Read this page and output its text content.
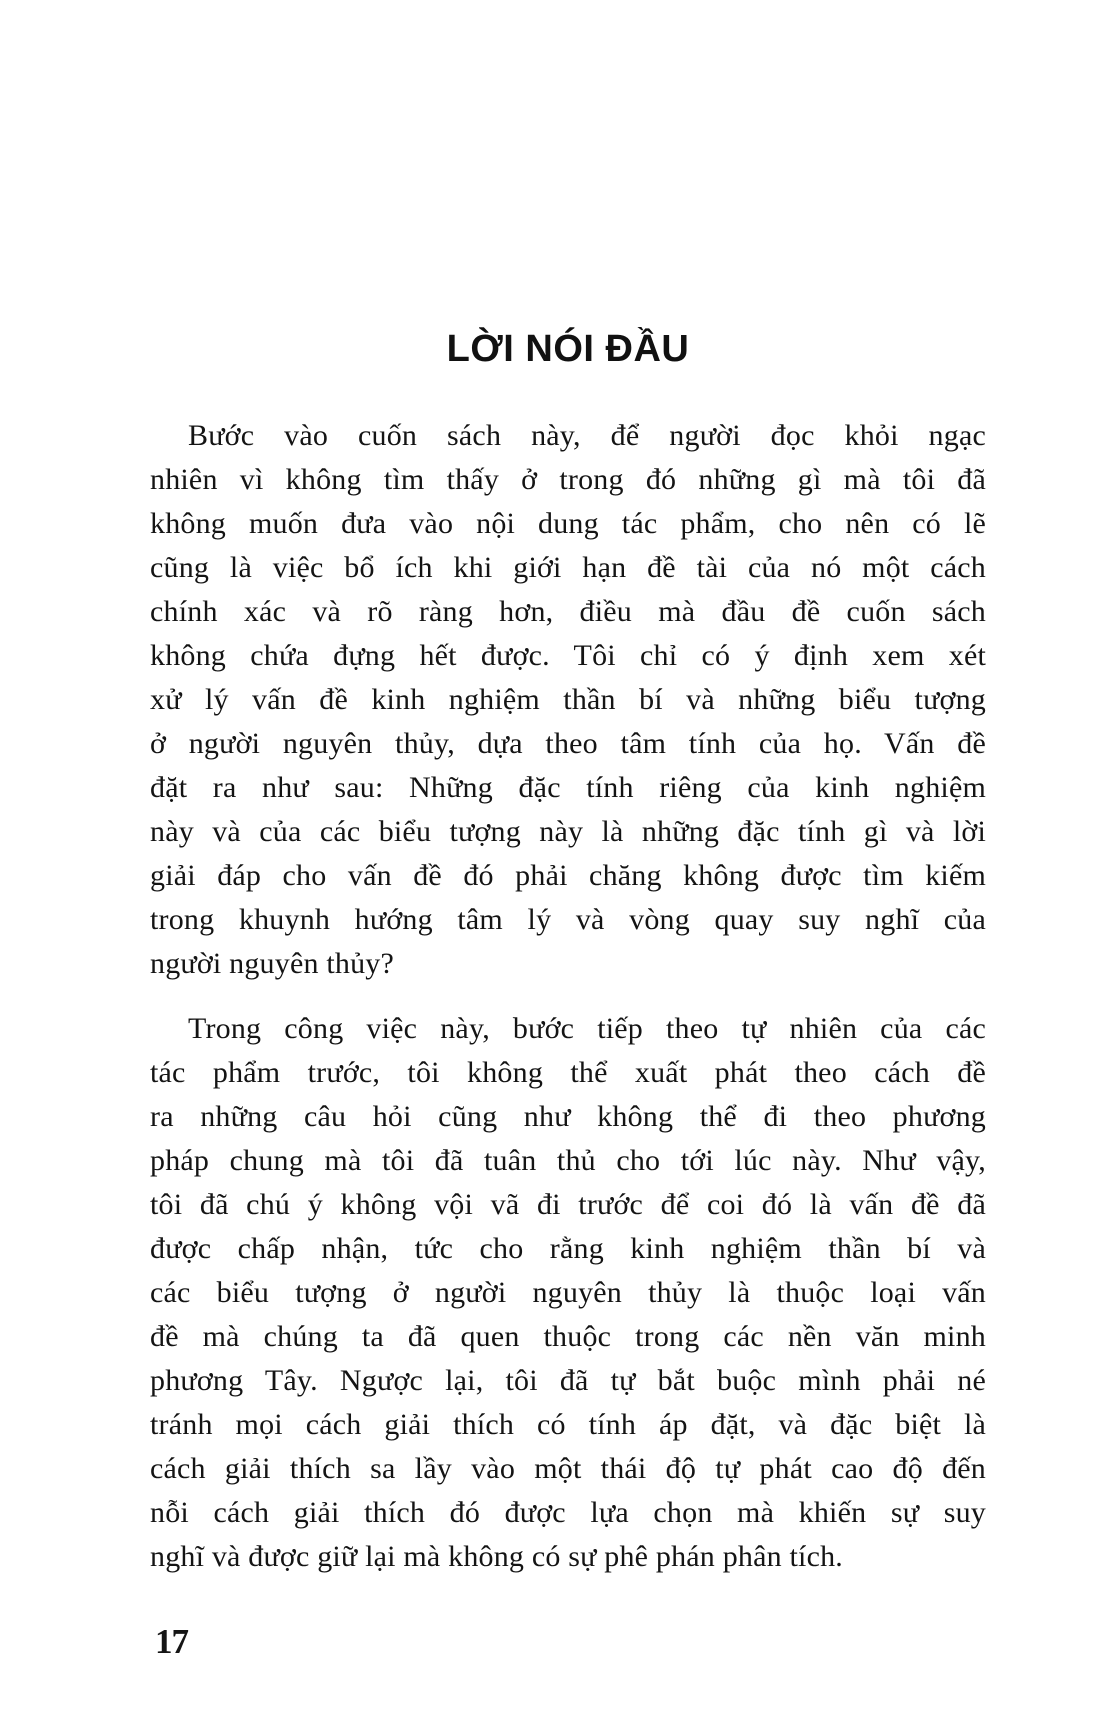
LỜI NÓI ĐẦU
Bước vào cuốn sách này, để người đọc khỏi ngạc
nhiên vì không tìm thấy ở trong đó những gì mà tôi đã
không muốn đưa vào nội dung tác phẩm, cho nên có lẽ
cũng là việc bổ ích khi giới hạn đề tài của nó một cách
chính xác và rõ ràng hơn, điều mà đầu đề cuốn sách
không chứa đựng hết được. Tôi chỉ có ý định xem xét
xử lý vấn đề kinh nghiệm thần bí và những biểu tượng
ở người nguyên thủy, dựa theo tâm tính của họ. Vấn đề
đặt ra như sau: Những đặc tính riêng của kinh nghiệm
này và của các biểu tượng này là những đặc tính gì và lời
giải đáp cho vấn đề đó phải chăng không được tìm kiếm
trong khuynh hướng tâm lý và vòng quay suy nghĩ của
người nguyên thủy?
Trong công việc này, bước tiếp theo tự nhiên của các
tác phẩm trước, tôi không thể xuất phát theo cách đề
ra những câu hỏi cũng như không thể đi theo phương
pháp chung mà tôi đã tuân thủ cho tới lúc này. Như vậy,
tôi đã chú ý không vội vã đi trước để coi đó là vấn đề đã
được chấp nhận, tức cho rằng kinh nghiệm thần bí và
các biểu tượng ở người nguyên thủy là thuộc loại vấn
đề mà chúng ta đã quen thuộc trong các nền văn minh
phương Tây. Ngược lại, tôi đã tự bắt buộc mình phải né
tránh mọi cách giải thích có tính áp đặt, và đặc biệt là
cách giải thích sa lầy vào một thái độ tự phát cao độ đến
nỗi cách giải thích đó được lựa chọn mà khiến sự suy
nghĩ và được giữ lại mà không có sự phê phán phân tích.
17
